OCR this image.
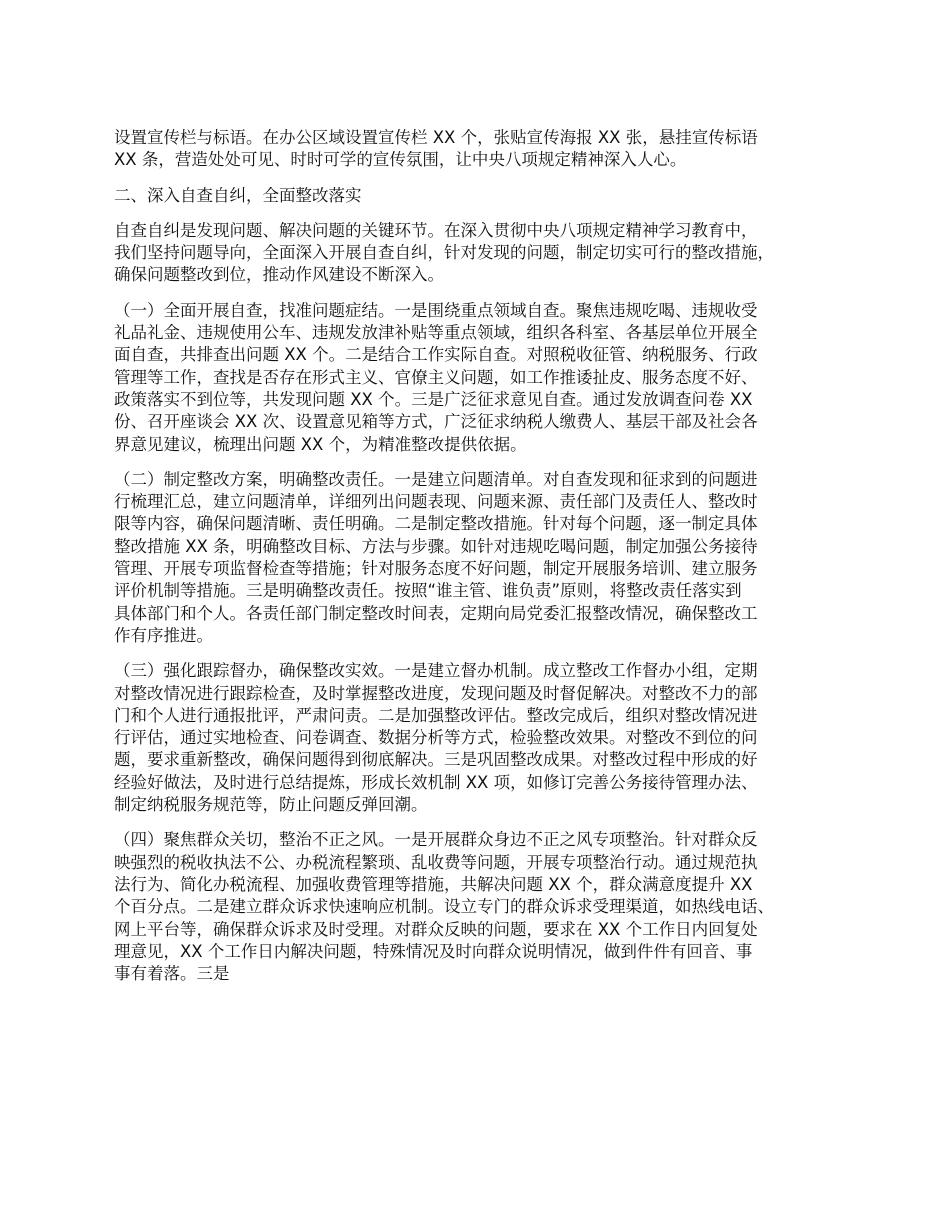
设置宣传栏与标语。在办公区域设置宣传栏 XX 个，张贴宣传海报 XX 张，悬挂宣传标语
XX 条，营造处处可见、时时可学的宣传氛围，让中央八项规定精神深入人心。
二、深入自查自纠，全面整改落实
自查自纠是发现问题、解决问题的关键环节。在深入贯彻中央八项规定精神学习教育中，
我们坚持问题导向，全面深入开展自查自纠，针对发现的问题，制定切实可行的整改措施，
确保问题整改到位，推动作风建设不断深入。
（一）全面开展自查，找准问题症结。一是围绕重点领域自查。聚焦违规吃喝、违规收受
礼品礼金、违规使用公车、违规发放津补贴等重点领域，组织各科室、各基层单位开展全
面自查，共排查出问题 XX 个。二是结合工作实际自查。对照税收征管、纳税服务、行政
管理等工作，查找是否存在形式主义、官僚主义问题，如工作推诿扯皮、服务态度不好、
政策落实不到位等，共发现问题 XX 个。三是广泛征求意见自查。通过发放调查问卷 XX
份、召开座谈会 XX 次、设置意见箱等方式，广泛征求纳税人缴费人、基层干部及社会各
界意见建议，梳理出问题 XX 个，为精准整改提供依据。
（二）制定整改方案，明确整改责任。一是建立问题清单。对自查发现和征求到的问题进
行梳理汇总，建立问题清单，详细列出问题表现、问题来源、责任部门及责任人、整改时
限等内容，确保问题清晰、责任明确。二是制定整改措施。针对每个问题，逐一制定具体
整改措施 XX 条，明确整改目标、方法与步骤。如针对违规吃喝问题，制定加强公务接待
管理、开展专项监督检查等措施；针对服务态度不好问题，制定开展服务培训、建立服务
评价机制等措施。三是明确整改责任。按照“谁主管、谁负责”原则，将整改责任落实到
具体部门和个人。各责任部门制定整改时间表，定期向局党委汇报整改情况，确保整改工
作有序推进。
（三）强化跟踪督办，确保整改实效。一是建立督办机制。成立整改工作督办小组，定期
对整改情况进行跟踪检查，及时掌握整改进度，发现问题及时督促解决。对整改不力的部
门和个人进行通报批评，严肃问责。二是加强整改评估。整改完成后，组织对整改情况进
行评估，通过实地检查、问卷调查、数据分析等方式，检验整改效果。对整改不到位的问
题，要求重新整改，确保问题得到彻底解决。三是巩固整改成果。对整改过程中形成的好
经验好做法，及时进行总结提炼，形成长效机制 XX 项，如修订完善公务接待管理办法、
制定纳税服务规范等，防止问题反弹回潮。
（四）聚焦群众关切，整治不正之风。一是开展群众身边不正之风专项整治。针对群众反
映强烈的税收执法不公、办税流程繁琐、乱收费等问题，开展专项整治行动。通过规范执
法行为、简化办税流程、加强收费管理等措施，共解决问题 XX 个，群众满意度提升 XX
个百分点。二是建立群众诉求快速响应机制。设立专门的群众诉求受理渠道，如热线电话、
网上平台等，确保群众诉求及时受理。对群众反映的问题，要求在 XX 个工作日内回复处
理意见，XX 个工作日内解决问题，特殊情况及时向群众说明情况，做到件件有回音、事
事有着落。三是
